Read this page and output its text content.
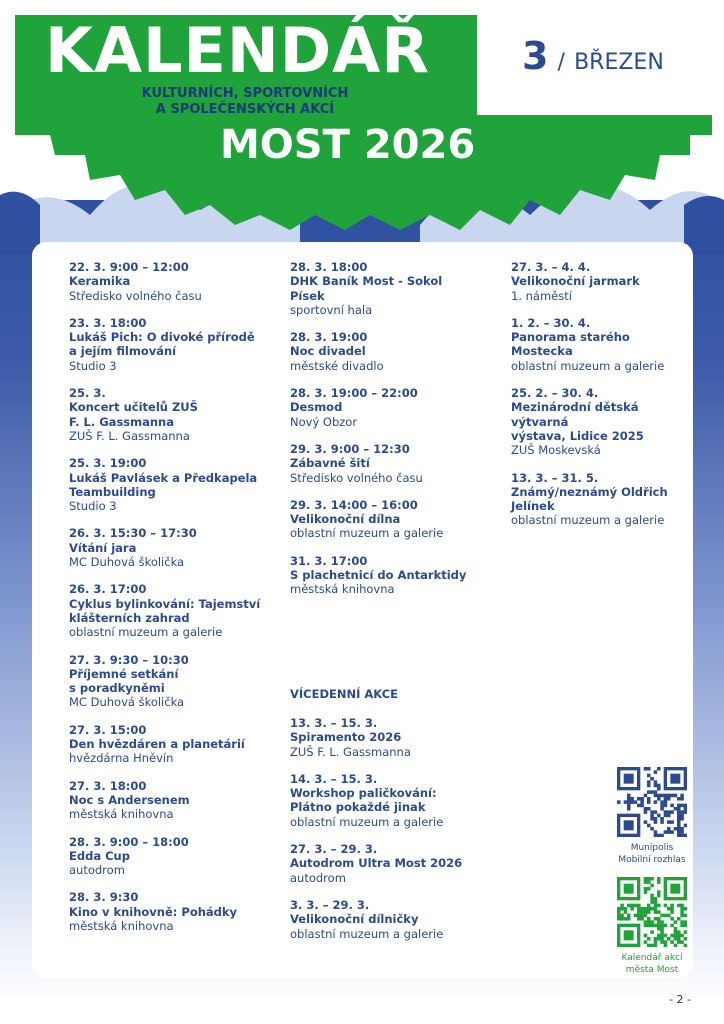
KALENDÁŘ
KULTURNÍCH, SPORTOVNÍCH
A SPOLEČENSKÝCH AKCÍ
MOST 2026
3 / BŘEZEN
22. 3. 9:00 – 12:00
Keramika
Středisko volného času
23. 3. 18:00
Lukáš Pich: O divoké přírodě
a jejím filmování
Studio 3
25. 3.
Koncert učitelů ZUŠ
F. L. Gassmanna
ZUŠ F. L. Gassmanna
25. 3. 19:00
Lukáš Pavlásek a Předkapela
Teambuilding
Studio 3
26. 3. 15:30 – 17:30
Vítání jara
MC Duhová školička
26. 3. 17:00
Cyklus bylinkování: Tajemství
klášterních zahrad
oblastní muzeum a galerie
27. 3. 9:30 – 10:30
Příjemné setkání
s poradkyněmi
MC Duhová školička
27. 3. 15:00
Den hvězdáren a planetárií
hvězdárna Hněvín
27. 3. 18:00
Noc s Andersenem
městská knihovna
28. 3. 9:00 – 18:00
Edda Cup
autodrom
28. 3. 9:30
Kino v knihovně: Pohádky
městská knihovna
28. 3. 18:00
DHK Baník Most - Sokol
Písek
sportovní hala
28. 3. 19:00
Noc divadel
městské divadlo
28. 3. 19:00 – 22:00
Desmod
Nový Obzor
29. 3. 9:00 – 12:30
Zábavné šití
Středisko volného času
29. 3. 14:00 – 16:00
Velikonoční dílna
oblastní muzeum a galerie
31. 3. 17:00
S plachetnicí do Antarktidy
městská knihovna
VÍCEDENNÍ AKCE
13. 3. – 15. 3.
Spiramento 2026
ZUŠ F. L. Gassmanna
14. 3. – 15. 3.
Workshop paličkování:
Plátno pokaždé jinak
oblastní muzeum a galerie
27. 3. – 29. 3.
Autodrom Ultra Most 2026
autodrom
3. 3. – 29. 3.
Velikonoční dílničky
oblastní muzeum a galerie
27. 3. – 4. 4.
Velikonoční jarmark
1. náměstí
1. 2. – 30. 4.
Panorama starého Mostecka
oblastní muzeum a galerie
25. 2. – 30. 4.
Mezinárodní dětská výtvarná
výstava, Lidice 2025
ZUŠ Moskevská
13. 3. – 31. 5.
Známý/neznámý Oldřich
Jelínek
oblastní muzeum a galerie
Munipolis
Mobilní rozhlas
Kalendář akcí
města Most
- 2 -
